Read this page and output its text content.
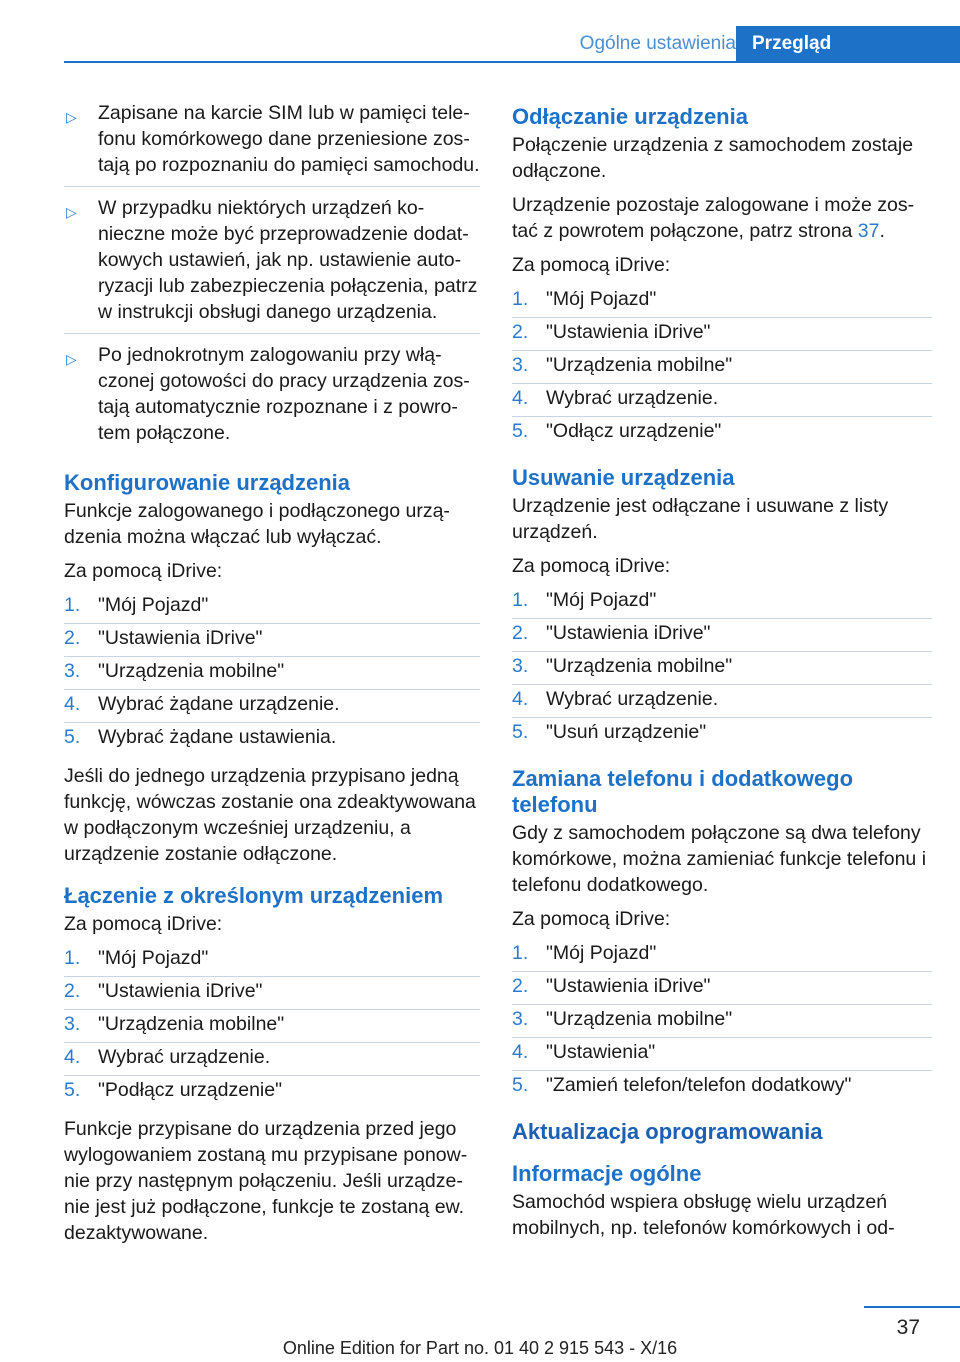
Ogólne ustawienia Przegląd
▷ Zapisane na karcie SIM lub w pamięci telefonu komórkowego dane przeniesione zostają po rozpoznaniu do pamięci samochodu.
▷ W przypadku niektórych urządzeń konieczne może być przeprowadzenie dodatkowych ustawień, jak np. ustawienie autoryzacji lub zabezpieczenia połączenia, patrz w instrukcji obsługi danego urządzenia.
▷ Po jednokrotnym zalogowaniu przy włączonej gotowości do pracy urządzenia zostają automatycznie rozpoznane i z powrotem połączone.
Konfigurowanie urządzenia

Funkcje zalogowanego i podłączonego urządzenia można włączać lub wyłączać.

Za pomocą iDrive:

1. "Mój Pojazd"
2. "Ustawienia iDrive"
3. "Urządzenia mobilne"
4. Wybrać żądane urządzenie.
5. Wybrać żądane ustawienia.

Jeśli do jednego urządzenia przypisano jedną funkcję, wówczas zostanie ona zdeaktywowana w podłączonym wcześniej urządzeniu, a urządzenie zostanie odłączone.

Łączenie z określonym urządzeniem

Za pomocą iDrive:

1. "Mój Pojazd"
2. "Ustawienia iDrive"
3. "Urządzenia mobilne"
4. Wybrać urządzenie.
5. "Podłącz urządzenie"

Funkcje przypisane do urządzenia przed jego wylogowaniem zostaną mu przypisane ponownie przy następnym połączeniu. Jeśli urządzenie jest już podłączone, funkcje te zostaną ew. dezaktywowane.

Odłączanie urządzenia

Połączenie urządzenia z samochodem zostaje odłączone.

Urządzenie pozostaje zalogowane i może zostać z powrotem połączone, patrz strona 37.

Za pomocą iDrive:

1. "Mój Pojazd"
2. "Ustawienia iDrive"
3. "Urządzenia mobilne"
4. Wybrać urządzenie.
5. "Odłącz urządzenie"
Usuwanie urządzenia

Urządzenie jest odłączane i usuwane z listy urządzeń.

Za pomocą iDrive:

1. "Mój Pojazd"
2. "Ustawienia iDrive"
3. "Urządzenia mobilne"
4. Wybrać urządzenie.
5. "Usuń urządzenie"
Zamiana telefonu i dodatkowego telefonu

Gdy z samochodem połączone są dwa telefony komórkowe, można zamieniać funkcje telefonu i telefonu dodatkowego.

Za pomocą iDrive:

1. "Mój Pojazd"
2. "Ustawienia iDrive"
3. "Urządzenia mobilne"
4. "Ustawienia"
5. "Zamień telefon/telefon dodatkowy"
Aktualizacja oprogramowania
Informacje ogólne

Samochód wspiera obsługę wielu urządzeń mobilnych, np. telefonów komórkowych i od-

37
Online Edition for Part no. 01 40 2 915 543 - X/16
